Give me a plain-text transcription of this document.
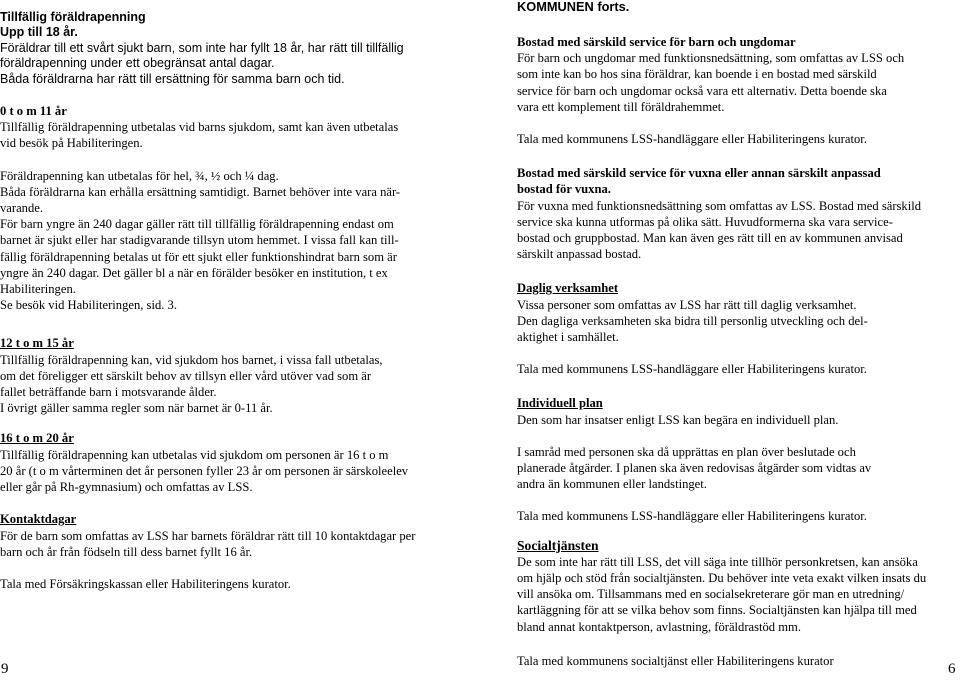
Tillfällig föräldrapenning

Upp till 18 år.

Föräldrar till ett svårt sjukt barn, som inte har fyllt 18 år, har rätt till tillfällig

föräldrapenning under ett obegränsat antal dagar.

Båda föräldrarna har rätt till ersättning för samma barn och tid.

0 t o m 11 år

Tillfällig föräldrapenning utbetalas vid barns sjukdom, samt kan även utbetalas

vid besök på Habiliteringen.

Föräldrapenning kan utbetalas för hel, ¾, ½ och ¼ dag.

Båda föräldrarna kan erhålla ersättning samtidigt. Barnet behöver inte vara när-

varande.

För barn yngre än 240 dagar gäller rätt till tillfällig föräldrapenning endast om

barnet är sjukt eller har stadigvarande tillsyn utom hemmet. I vissa fall kan till-

fällig föräldrapenning betalas ut för ett sjukt eller funktionshindrat barn som är

yngre än 240 dagar. Det gäller bl a när en förälder besöker en institution, t ex

Habiliteringen.

Se besök vid Habiliteringen, sid. 3.

12 t o m 15 år

Tillfällig föräldrapenning kan, vid sjukdom hos barnet, i vissa fall utbetalas,

om det föreligger ett särskilt behov av tillsyn eller vård utöver vad som är

fallet beträffande barn i motsvarande ålder.

I övrigt gäller samma regler som när barnet är 0-11 år.

16 t o m 20 år

Tillfällig föräldrapenning kan utbetalas vid sjukdom om personen är 16 t o m

20 år (t o m vårterminen det år personen fyller 23 år om personen är särskoleelev

eller går på Rh-gymnasium) och omfattas av LSS.

Kontaktdagar

För de barn som omfattas av LSS har barnets föräldrar rätt till 10 kontaktdagar per

barn och år från födseln till dess barnet fyllt 16 år.

Tala med Försäkringskassan eller Habiliteringens kurator.

KOMMUNEN forts.

Bostad med särskild service för barn och ungdomar

För barn och ungdomar med funktionsnedsättning, som omfattas av LSS och

som inte kan bo hos sina föräldrar, kan boende i en bostad med särskild

service för barn och ungdomar också vara ett alternativ. Detta boende ska

vara ett komplement till föräldrahemmet.

Tala med kommunens LSS-handläggare eller Habiliteringens kurator.

Bostad med särskild service för vuxna eller annan särskilt anpassad

bostad för vuxna.

För vuxna med funktionsnedsättning som omfattas av LSS. Bostad med särskild

service ska kunna utformas på olika sätt. Huvudformerna ska vara service-

bostad och gruppbostad. Man kan även ges rätt till en av kommunen anvisad

särskilt anpassad bostad.

Daglig verksamhet

Vissa personer som omfattas av LSS har rätt till daglig verksamhet.

Den dagliga verksamheten ska bidra till personlig utveckling och del-

aktighet i samhället.

Tala med kommunens LSS-handläggare eller Habiliteringens kurator.

Individuell plan

Den som har insatser enligt LSS kan begära en individuell plan.

I samråd med personen ska då upprättas en plan över beslutade och

planerade åtgärder. I planen ska även redovisas åtgärder som vidtas av

andra än kommunen eller landstinget.

Tala med kommunens LSS-handläggare eller Habiliteringens kurator.

Socialtjänsten

De som inte har rätt till LSS, det vill säga inte tillhör personkretsen, kan ansöka

om hjälp och stöd från socialtjänsten. Du behöver inte veta exakt vilken insats du

vill ansöka om. Tillsammans med en socialsekreterare gör man en utredning/

kartläggning för att se vilka behov som finns. Socialtjänsten kan hjälpa till med

bland annat kontaktperson, avlastning, föräldrastöd mm.

Tala med kommunens socialtjänst eller Habiliteringens kurator

9	6
